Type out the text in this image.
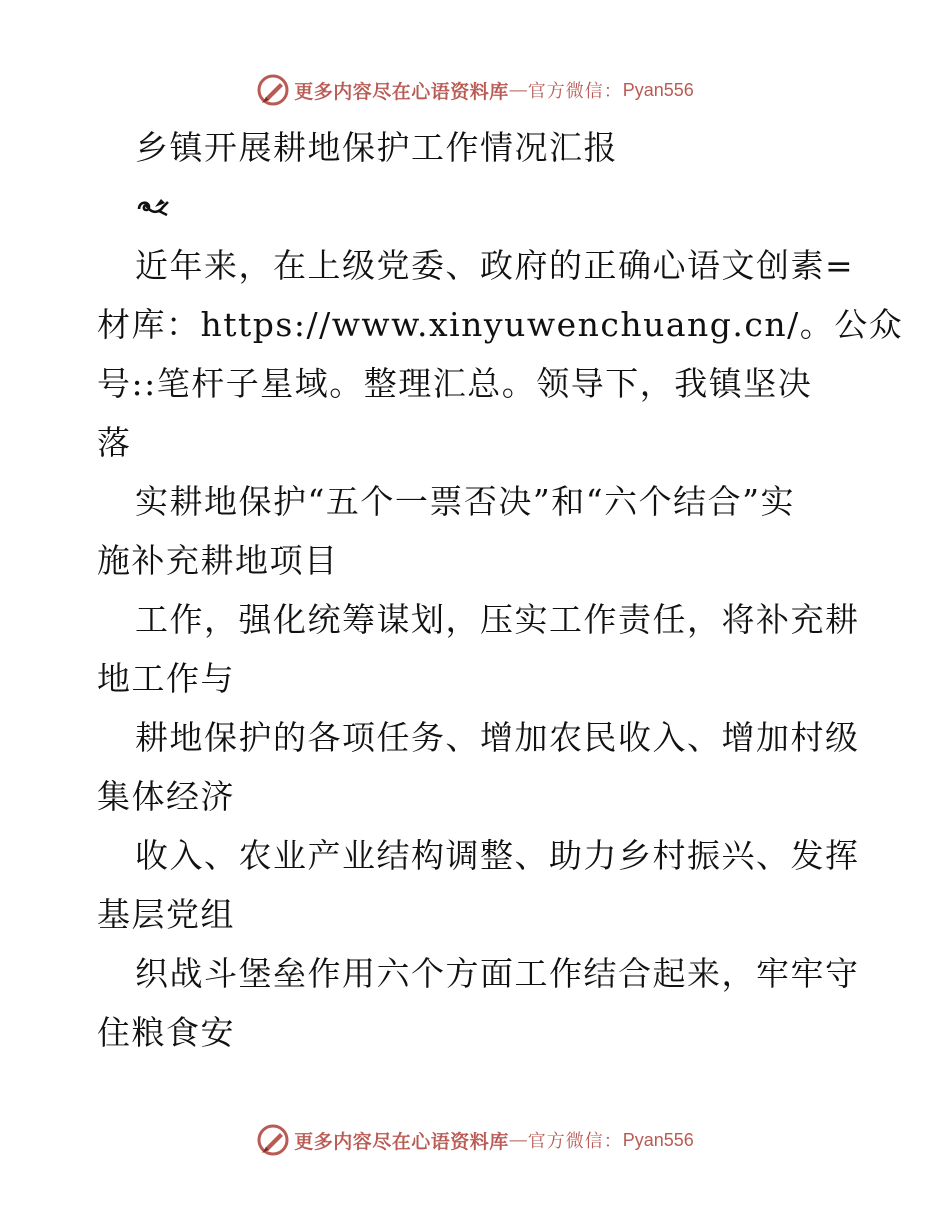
更多内容尽在心语资料库 — 官方微信： Pyan556
乡镇开展耕地保护工作情况汇报
近年来，在上级党委、政府的正确心语文创素=
材库：https://www.xinyuwenchuang.cn/。公众
号::笔杆子星域。整理汇总。领导下，我镇坚决
落
实耕地保护“五个一票否决”和“六个结合”实
施补充耕地项目
工作，强化统筹谋划，压实工作责任，将补充耕
地工作与
耕地保护的各项任务、增加农民收入、增加村级
集体经济
收入、农业产业结构调整、助力乡村振兴、发挥
基层党组
织战斗堡垒作用六个方面工作结合起来，牢牢守
住粮食安
更多内容尽在心语资料库 — 官方微信： Pyan556
